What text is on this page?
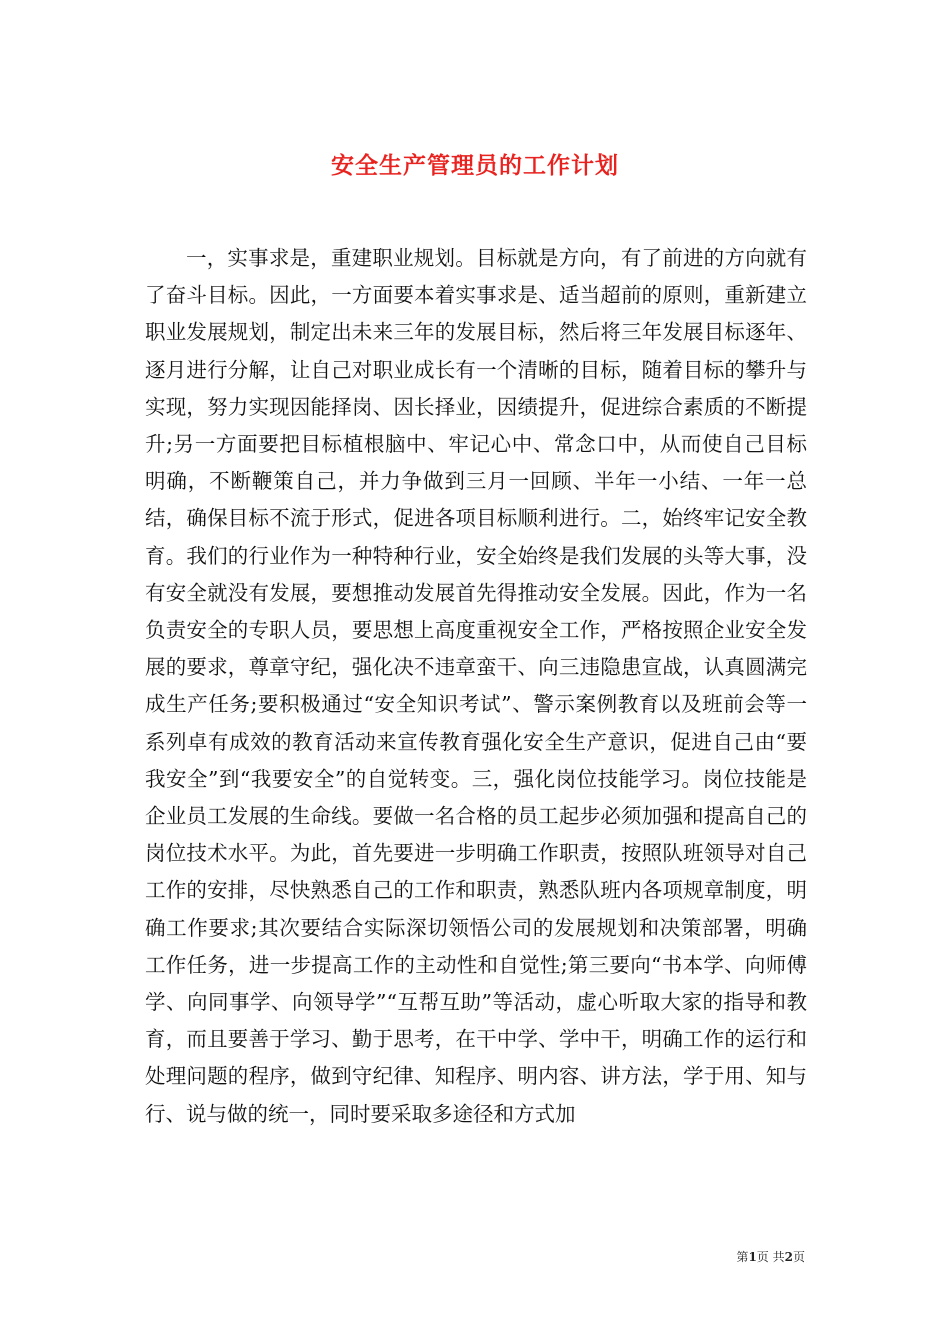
安全生产管理员的工作计划

一，实事求是，重建职业规划。目标就是方向，有了前进的方向就有了奋斗目标。因此，一方面要本着实事求是、适当超前的原则，重新建立职业发展规划，制定出未来三年的发展目标，然后将三年发展目标逐年、逐月进行分解，让自己对职业成长有一个清晰的目标，随着目标的攀升与实现，努力实现因能择岗、因长择业，因绩提升，促进综合素质的不断提升;另一方面要把目标植根脑中、牢记心中、常念口中，从而使自己目标明确，不断鞭策自己，并力争做到三月一回顾、半年一小结、一年一总结，确保目标不流于形式，促进各项目标顺利进行。二，始终牢记安全教育。我们的行业作为一种特种行业，安全始终是我们发展的头等大事，没有安全就没有发展，要想推动发展首先得推动安全发展。因此，作为一名负责安全的专职人员，要思想上高度重视安全工作，严格按照企业安全发展的要求，尊章守纪，强化决不违章蛮干、向三违隐患宣战，认真圆满完成生产任务;要积极通过“安全知识考试”、警示案例教育以及班前会等一系列卓有成效的教育活动来宣传教育强化安全生产意识，促进自己由“要我安全”到“我要安全”的自觉转变。三，强化岗位技能学习。岗位技能是企业员工发展的生命线。要做一名合格的员工起步必须加强和提高自己的岗位技术水平。为此，首先要进一步明确工作职责，按照队班领导对自己工作的安排，尽快熟悉自己的工作和职责，熟悉队班内各项规章制度，明确工作要求;其次要结合实际深切领悟公司的发展规划和决策部署，明确工作任务，进一步提高工作的主动性和自觉性;第三要向“书本学、向师傅学、向同事学、向领导学”“互帮互助”等活动，虚心听取大家的指导和教育，而且要善于学习、勤于思考，在干中学、学中干，明确工作的运行和处理问题的程序，做到守纪律、知程序、明内容、讲方法，学于用、知与行、说与做的统一，同时要采取多途径和方式加

第1页 共2页
